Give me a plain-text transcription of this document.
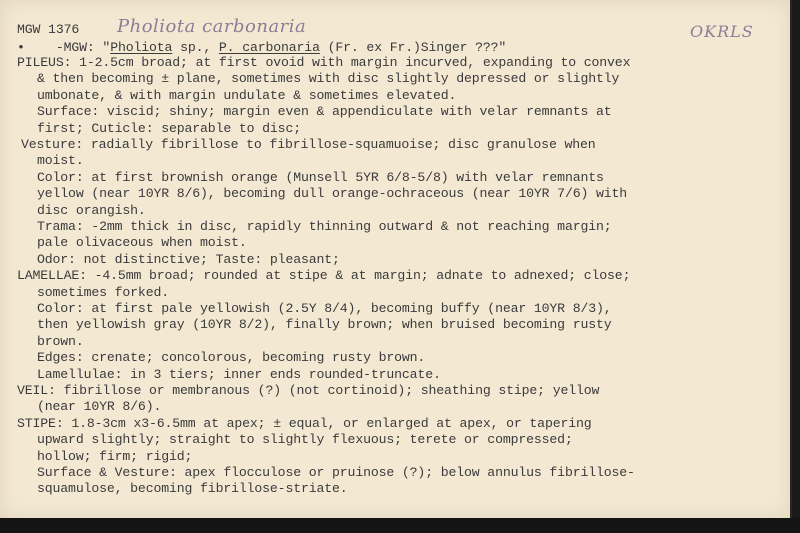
MGW 1376 Pholiota carbonaria	OKRLS
• -MGW: "Pholiota sp., P. carbonaria (Fr. ex Fr.)Singer ???"
PILEUS: 1-2.5cm broad; at first ovoid with margin incurved, expanding to convex
& then becoming ± plane, sometimes with disc slightly depressed or slightly
umbonate, & with margin undulate & sometimes elevated.
Surface: viscid; shiny; margin even & appendiculate with velar remnants at
first; Cuticle: separable to disc;
Vesture: radially fibrillose to fibrillose-squamuoise; disc granulose when
moist.
Color: at first brownish orange (Munsell 5YR 6/8-5/8) with velar remnants
yellow (near 10YR 8/6), becoming dull orange-ochraceous (near 10YR 7/6) with
disc orangish.
Trama: -2mm thick in disc, rapidly thinning outward & not reaching margin;
pale olivaceous when moist.
Odor: not distinctive; Taste: pleasant;
LAMELLAE: -4.5mm broad; rounded at stipe & at margin; adnate to adnexed; close;
sometimes forked.
Color: at first pale yellowish (2.5Y 8/4), becoming buffy (near 10YR 8/3),
then yellowish gray (10YR 8/2), finally brown; when bruised becoming rusty
brown.
Edges: crenate; concolorous, becoming rusty brown.
Lamellulae: in 3 tiers; inner ends rounded-truncate.
VEIL: fibrillose or membranous (?) (not cortinoid); sheathing stipe; yellow
(near 10YR 8/6).
STIPE: 1.8-3cm x3-6.5mm at apex; ± equal, or enlarged at apex, or tapering
upward slightly; straight to slightly flexuous; terete or compressed;
hollow; firm; rigid;
Surface & Vesture: apex flocculose or pruinose (?); below annulus fibrillose-
squamulose, becoming fibrillose-striate.
